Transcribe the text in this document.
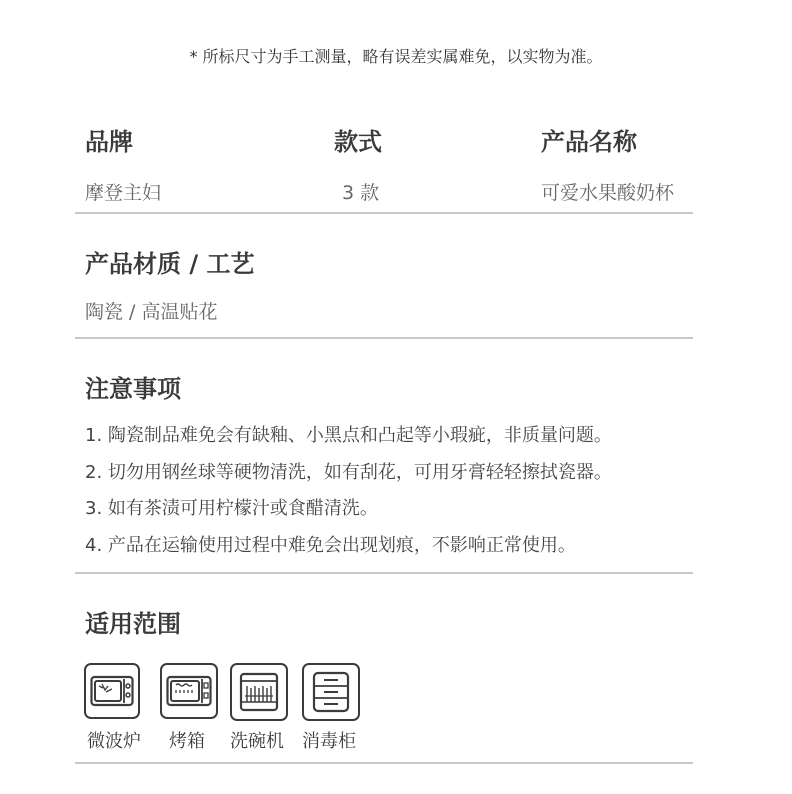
* 所标尺寸为手工测量，略有误差实属难免，以实物为准。
品牌
摩登主妇
款式
3 款
产品名称
可爱水果酸奶杯
产品材质 / 工艺
陶瓷 / 高温贴花
注意事项
1. 陶瓷制品难免会有缺釉、小黑点和凸起等小瑕疵，非质量问题。
2. 切勿用钢丝球等硬物清洗，如有刮花，可用牙膏轻轻擦拭瓷器。
3. 如有茶渍可用柠檬汁或食醋清洗。
4. 产品在运输使用过程中难免会出现划痕，不影响正常使用。
适用范围
微波炉 烤箱 洗碗机 消毒柜
